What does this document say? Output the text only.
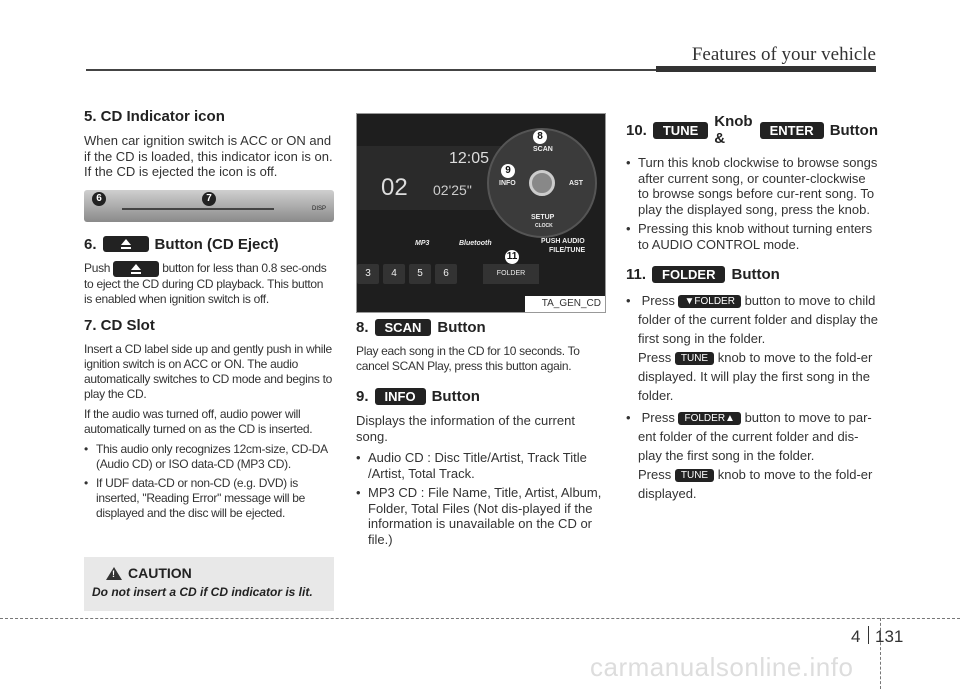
Features of your vehicle
5. CD Indicator icon

When car ignition switch is ACC or ON and if the CD is loaded, this indicator icon is on. If the CD is ejected the icon is off.

6	7
DISP
6.	Button (CD Eject)

Push	button for less than 0.8 sec-onds to eject the CD during CD playback. This button is enabled when ignition switch is off.

7. CD Slot

Insert a CD label side up and gently push in while ignition switch is on ACC or ON. The audio automatically switches to CD mode and begins to play the CD.

If the audio was turned off, audio power will automatically turned on as the CD is inserted.

• This audio only recognizes 12cm-size, CD-DA (Audio CD) or ISO data-CD (MP3 CD).
• If UDF data-CD or non-CD (e.g. DVD) is inserted, "Reading Error" message will be displayed and the disc will be ejected.
!
CAUTION
Do not insert a CD if CD indicator is lit.
12:05
02 02'25"
SCAN
INFO	AST
SETUP
CLOCK
PUSH AUDIO
FILE/TUNE
MP3	Bluetooth
8
9
11
3	4	5	6	FOLDER
TA_GEN_CD
8.	SCAN	Button

Play each song in the CD for 10 seconds. To cancel SCAN Play, press this button again.

9.	INFO	Button

Displays the information of the current song.

• Audio CD : Disc Title/Artist, Track Title /Artist, Total Track.
• MP3 CD : File Name, Title, Artist, Album, Folder, Total Files (Not dis-played if the information is unavailable on the CD or file.)
10.	TUNE	Knob &	ENTER	Button
• Turn this knob clockwise to browse songs after current song, or counter-clockwise to browse songs before cur-rent song. To play the displayed song, press the knob.
• Pressing this knob without turning enters to AUDIO CONTROL mode.
11.	FOLDER	Button
• Press ▼FOLDER button to move to child folder of the current folder and display the first song in the folder.
Press TUNE knob to move to the fold-er displayed. It will play the first song in the folder.
• Press FOLDER▲ button to move to par-ent folder of the current folder and dis-play the first song in the folder.
Press TUNE knob to move to the fold-er displayed.
4 131
carmanualsonline.info
